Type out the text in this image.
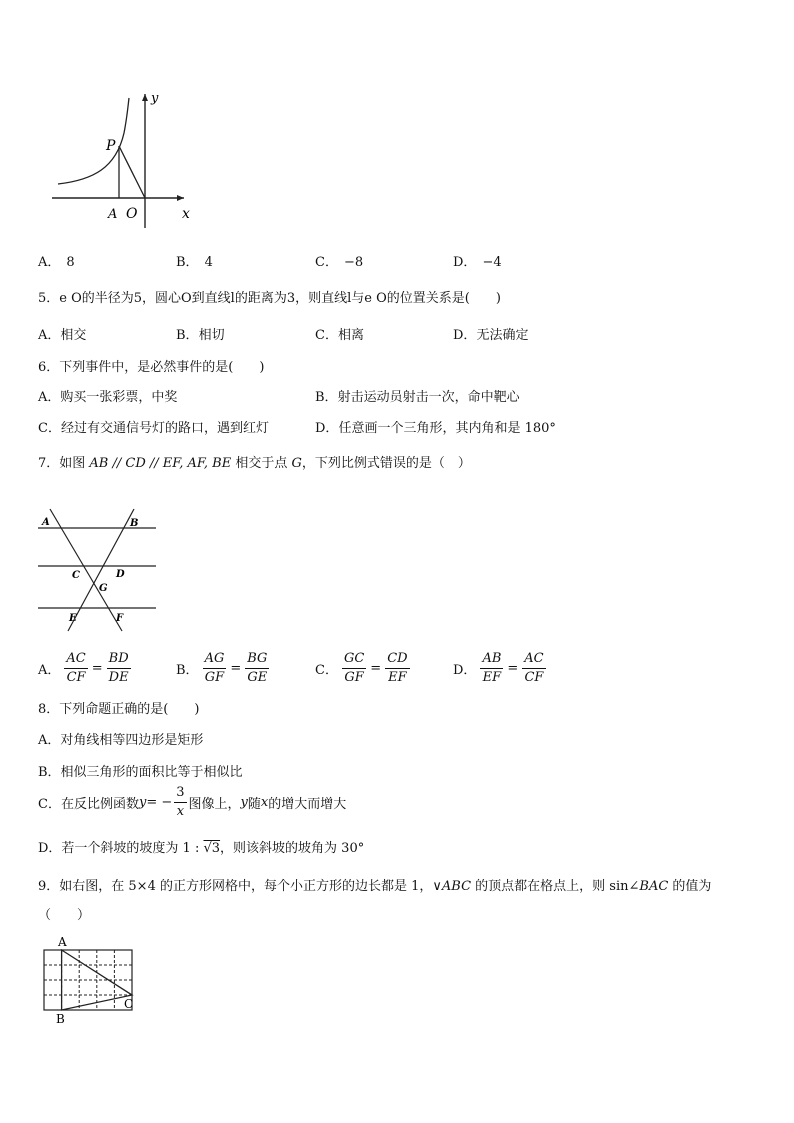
y
P
A O	x
A． 8	B． 4	C． −8	D． −4
5．e O的半径为5，圆心O到直线l的距离为3，则直线l与e O的位置关系是(　　)
A．相交	B．相切	C．相离	D．无法确定
6．下列事件中，是必然事件的是(　　)
A．购买一张彩票，中奖	B．射击运动员射击一次，命中靶心
C．经过有交通信号灯的路口，遇到红灯	D．任意画一个三角形，其内角和是 180°
7．如图 AB // CD // EF, AF, BE 相交于点 G，下列比例式错误的是（　）
A	B
C	D
G
E	F
A． $\frac{AC}{CF} = \frac{BD}{DE}$	B． $\frac{AG}{GF} = \frac{BG}{GE}$	C． $\frac{GC}{GF} = \frac{CD}{EF}$	D． $\frac{AB}{EF} = \frac{AC}{CF}$
8．下列命题正确的是(　　)
A．对角线相等四边形是矩形
B．相似三角形的面积比等于相似比
C．在反比例函数 y = − $\frac{3}{x}$ 图像上， y 随 x 的增大而增大
D．若一个斜坡的坡度为 1 : √3，则该斜坡的坡角为 30°
9．如右图，在 5×4 的正方形网格中，每个小正方形的边长都是 1，∨ABC 的顶点都在格点上，则 sin∠BAC 的值为
（　　）
A
B
C
